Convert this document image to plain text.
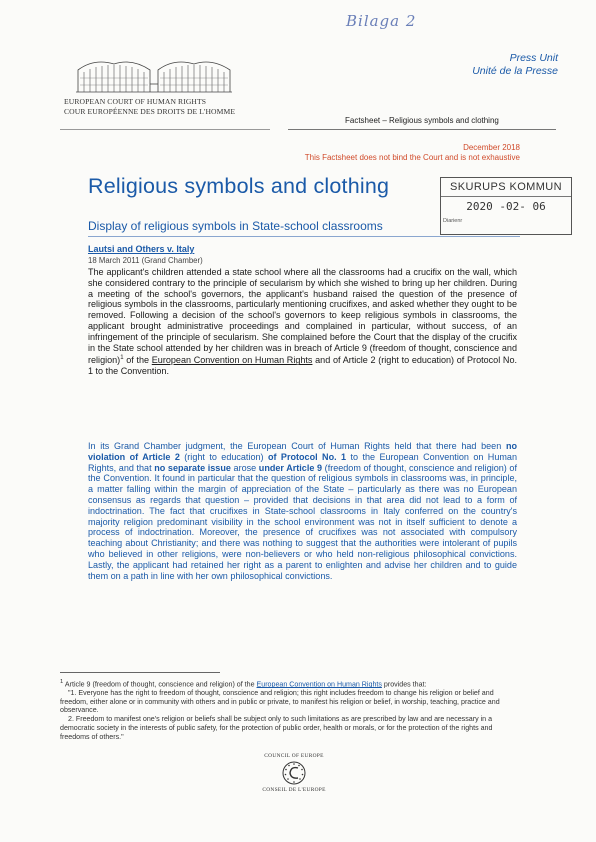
Bilaga 2
Press Unit
Unité de la Presse
EUROPEAN COURT OF HUMAN RIGHTS
COUR EUROPÉENNE DES DROITS DE L'HOMME
Factsheet – Religious symbols and clothing
December 2018
This Factsheet does not bind the Court and is not exhaustive
Religious symbols and clothing	SKURUPS KOMMUN
2020 -02- 06
Diarienr
Display of religious symbols in State-school classrooms
Lautsi and Others v. Italy
18 March 2011 (Grand Chamber)
The applicant's children attended a state school where all the classrooms had a crucifix on the wall, which she considered contrary to the principle of secularism by which she wished to bring up her children. During a meeting of the school's governors, the applicant's husband raised the question of the presence of religious symbols in the classrooms, particularly mentioning crucifixes, and asked whether they ought to be removed. Following a decision of the school's governors to keep religious symbols in classrooms, the applicant brought administrative proceedings and complained in particular, without success, of an infringement of the principle of secularism. She complained before the Court that the display of the crucifix in the State school attended by her children was in breach of Article 9 (freedom of thought, conscience and religion)$^1$ of the European Convention on Human Rights and of Article 2 (right to education) of Protocol No. 1 to the Convention.
In its Grand Chamber judgment, the European Court of Human Rights held that there had been no violation of Article 2 (right to education) of Protocol No. 1 to the European Convention on Human Rights, and that no separate issue arose under Article 9 (freedom of thought, conscience and religion) of the Convention. It found in particular that the question of religious symbols in classrooms was, in principle, a matter falling within the margin of appreciation of the State – particularly as there was no European consensus as regards that question – provided that decisions in that area did not lead to a form of indoctrination. The fact that crucifixes in State-school classrooms in Italy conferred on the country's majority religion predominant visibility in the school environment was not in itself sufficient to denote a process of indoctrination. Moreover, the presence of crucifixes was not associated with compulsory teaching about Christianity; and there was nothing to suggest that the authorities were intolerant of pupils who believed in other religions, were non-believers or who held non-religious philosophical convictions. Lastly, the applicant had retained her right as a parent to enlighten and advise her children and to guide them on a path in line with her own philosophical convictions.

$^1$ Article 9 (freedom of thought, conscience and religion) of the European Convention on Human Rights provides that:

"1. Everyone has the right to freedom of thought, conscience and religion; this right includes freedom to change his religion or belief and freedom, either alone or in community with others and in public or private, to manifest his religion or belief, in worship, teaching, practice and observance.

2. Freedom to manifest one's religion or beliefs shall be subject only to such limitations as are prescribed by law and are necessary in a democratic society in the interests of public safety, for the protection of public order, health or morals, or for the protection of the rights and freedoms of others."

COUNCIL OF EUROPE
CONSEIL DE L'EUROPE
